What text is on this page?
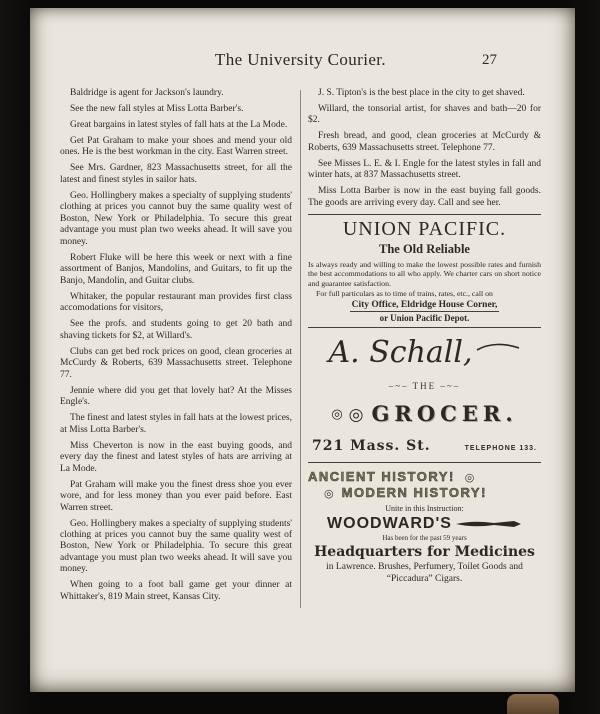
The University Courier.	27

Baldridge is agent for Jackson's laundry.

See the new fall styles at Miss Lotta Barber's.

Great bargains in latest styles of fall hats at the La Mode.

Get Pat Graham to make your shoes and mend your old ones. He is the best workman in the city. East Warren street.

See Mrs. Gardner, 823 Massachusetts street, for all the latest and finest styles in sailor hats.

Geo. Hollingbery makes a specialty of supplying students' clothing at prices you cannot buy the same quality west of Boston, New York or Philadelphia. To secure this great advantage you must plan two weeks ahead. It will save you money.

Robert Fluke will be here this week or next with a fine assortment of Banjos, Mandolins, and Guitars, to fit up the Banjo, Mandolin, and Guitar clubs.

Whitaker, the popular restaurant man provides first class accomodations for visitors,

See the profs. and students going to get 20 bath and shaving tickets for $2, at Willard's.

Clubs can get bed rock prices on good, clean groceries at McCurdy & Roberts, 639 Massachusetts street. Telephone 77.

Jennie where did you get that lovely hat? At the Misses Engle's.

The finest and latest styles in fall hats at the lowest prices, at Miss Lotta Barber's.

Miss Cheverton is now in the east buying goods, and every day the finest and latest styles of hats are arriving at La Mode.

Pat Graham will make you the finest dress shoe you ever wore, and for less money than you ever paid before. East Warren street.

Geo. Hollingbery makes a specialty of supplying students' clothing at prices you cannot buy the same quality west of Boston, New York or Philadelphia. To secure this great advantage you must plan two weeks ahead. It will save you money.

When going to a foot ball game get your dinner at Whittaker's, 819 Main street, Kansas City.

J. S. Tipton's is the best place in the city to get shaved.

Willard, the tonsorial artist, for shaves and bath—20 for $2.

Fresh bread, and good, clean groceries at McCurdy & Roberts, 639 Massachusetts street. Telephone 77.

See Misses L. E. & I. Engle for the latest styles in fall and winter hats, at 837 Massachusetts street.

Miss Lotta Barber is now in the east buying fall goods. The goods are arriving every day. Call and see her.

UNION PACIFIC.
The Old Reliable

Is always ready and willing to make the lowest possible rates and furnish the best accommodations to all who apply. We charter cars on short notice and guarantee satisfaction.

For full particulars as to time of trains, rates, etc., call on

City Office, Eldridge House Corner,
or Union Pacific Depot.
A. Schall,
–~– THE –~–
◎ ◎ GROCER.
721 Mass. St.	TELEPHONE 133.
ANCIENT HISTORY! ◎
◎ MODERN HISTORY!
Unite in this Instruction:
WOODWARD'S
Has been for the past 59 years
Headquarters for Medicines
in Lawrence. Brushes, Perfumery, Toilet Goods and “Piccadura” Cigars.
